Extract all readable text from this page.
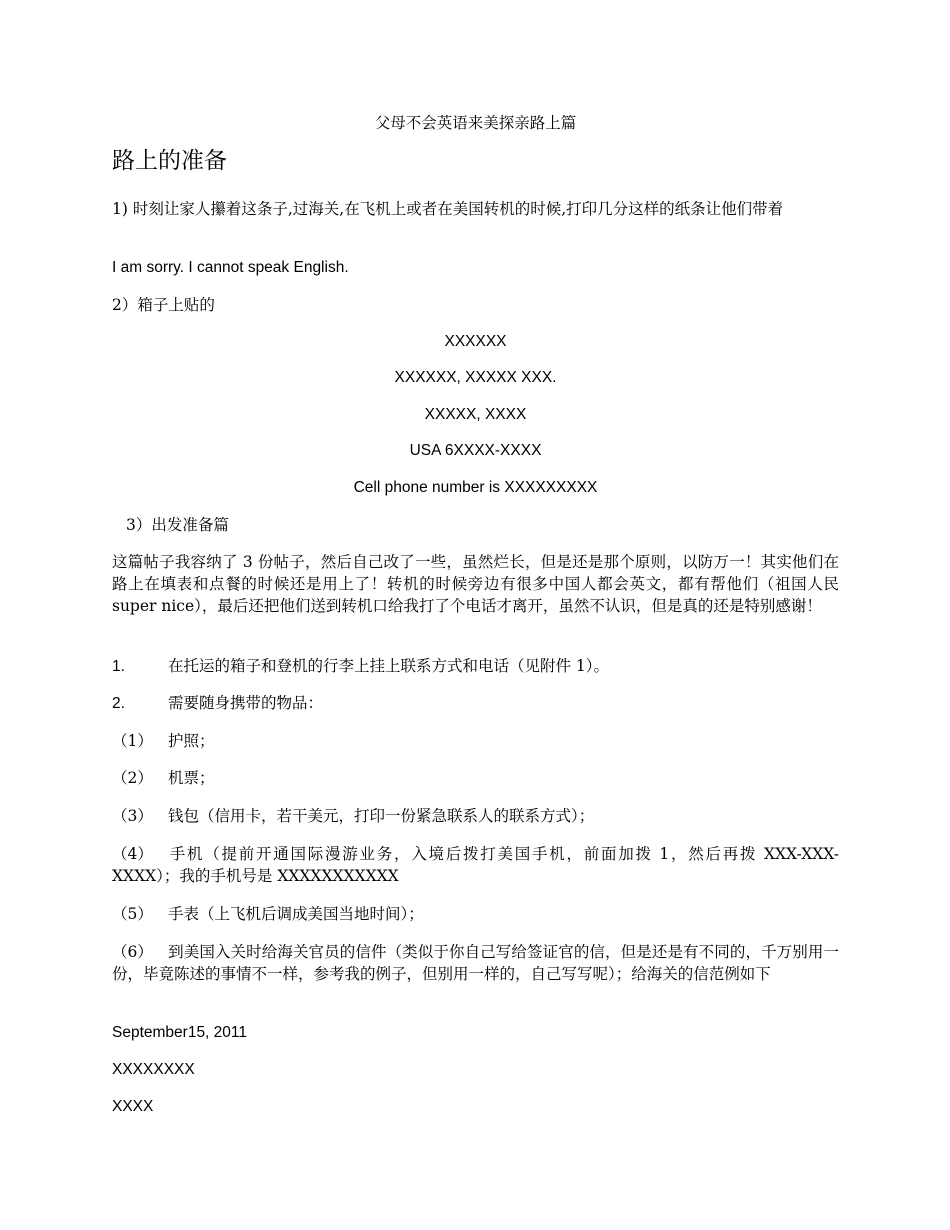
父母不会英语来美探亲路上篇

路上的准备

1) 时刻让家人攥着这条子,过海关,在飞机上或者在美国转机的时候,打印几分这样的纸条让他们带着

I am sorry. I cannot speak English.

2）箱子上贴的

XXXXXX

XXXXXX, XXXXX XXX.

XXXXX, XXXX

USA 6XXXX-XXXX

Cell phone number is XXXXXXXXX

3）出发准备篇

这篇帖子我容纳了 3 份帖子，然后自己改了一些，虽然烂长，但是还是那个原则，以防万一！其实他们在路上在填表和点餐的时候还是用上了！转机的时候旁边有很多中国人都会英文，都有帮他们（祖国人民 super nice），最后还把他们送到转机口给我打了个电话才离开，虽然不认识，但是真的还是特别感谢！

1.	在托运的箱子和登机的行李上挂上联系方式和电话（见附件 1）。

2.	需要随身携带的物品：

（1） 护照；

（2） 机票；

（3） 钱包（信用卡，若干美元，打印一份紧急联系人的联系方式）；

（4） 手机（提前开通国际漫游业务，入境后拨打美国手机，前面加拨 1，然后再拨 XXX-XXX-XXXX）；我的手机号是 XXXXXXXXXXX

（5） 手表（上飞机后调成美国当地时间）；

（6） 到美国入关时给海关官员的信件（类似于你自己写给签证官的信，但是还是有不同的，千万别用一份，毕竟陈述的事情不一样，参考我的例子，但别用一样的，自己写写呢）；给海关的信范例如下

September15, 2011

XXXXXXXX

XXXX
